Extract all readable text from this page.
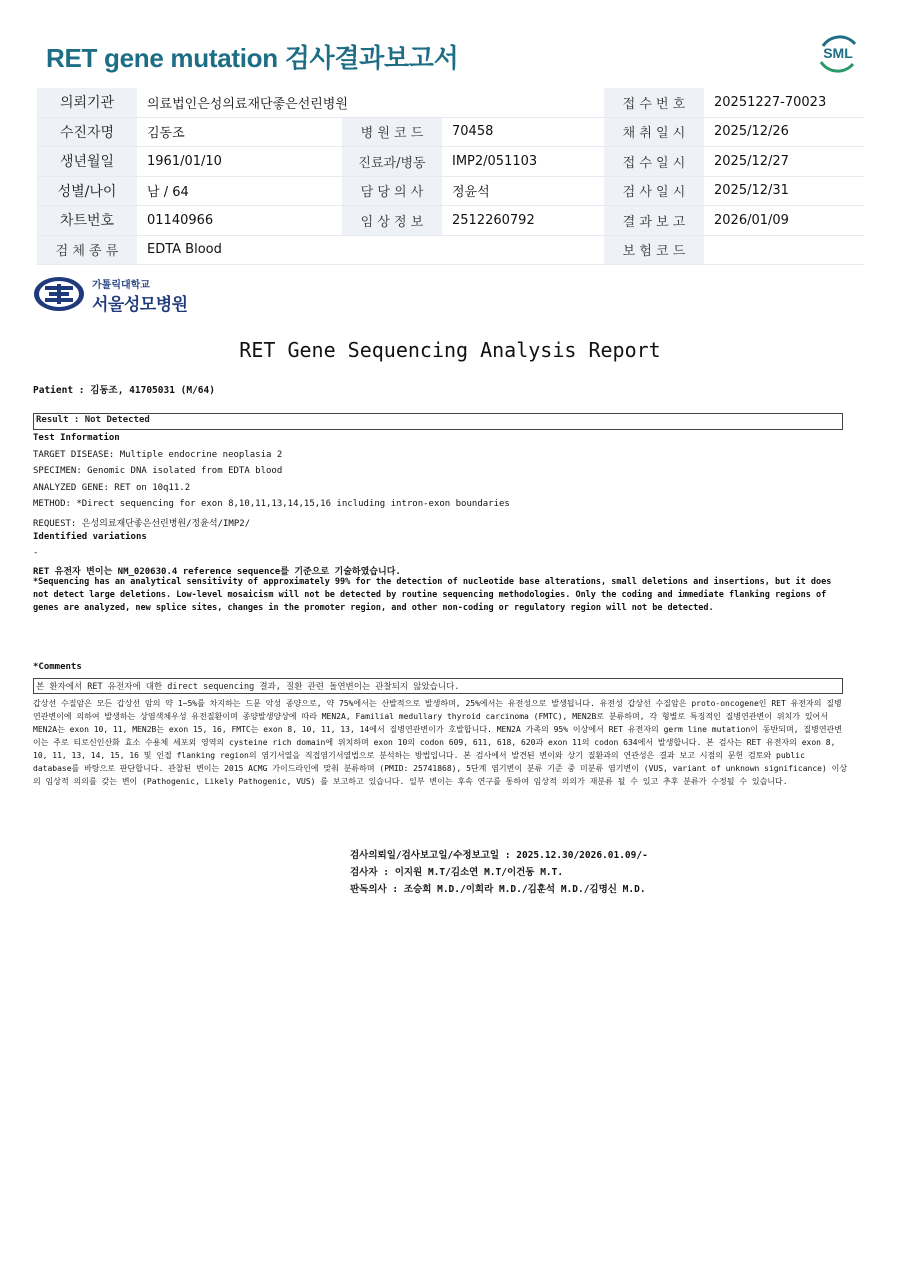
RET gene mutation 검사결과보고서	SML
의뢰기관	의료법인은성의료재단좋은선린병원			접 수 번 호	20251227-70023
수진자명	김동조	병 원 코 드	70458	채 취 일 시	2025/12/26
생년월일	1961/01/10	진료과/병동	IMP2/051103	접 수 일 시	2025/12/27
성별/나이	남 / 64	담 당 의 사	정윤석	검 사 일 시	2025/12/31
차트번호	01140966	임 상 정 보	2512260792	결 과 보 고	2026/01/09
검 체 종 류	EDTA Blood			보 험 코 드	
가톨릭대학교
서울성모병원
RET Gene Sequencing Analysis Report
Patient : 김동조, 41705031 (M/64)
Result : Not Detected
Test Information
TARGET DISEASE: Multiple endocrine neoplasia 2
SPECIMEN: Genomic DNA isolated from EDTA blood
ANALYZED GENE: RET on 10q11.2
METHOD: *Direct sequencing for exon 8,10,11,13,14,15,16 including intron-exon boundaries
REQUEST: 은성의료재단좋은선린병원/정윤석/IMP2/
Identified variations
-
RET 유전자 변이는 NM_020630.4 reference sequence를 기준으로 기술하였습니다.
*Sequencing has an analytical sensitivity of approximately 99% for the detection of nucleotide base alterations, small deletions and insertions, but it does not detect large deletions. Low-level mosaicism will not be detected by routine sequencing methodologies. Only the coding and immediate flanking regions of genes are analyzed, new splice sites, changes in the promoter region, and other non-coding or regulatory region will not be detected.
*Comments
본 환자에서 RET 유전자에 대한 direct sequencing 결과, 질환 관련 돌연변이는 관찰되지 않았습니다.
갑상선 수질암은 모든 갑상선 암의 약 1~5%를 차지하는 드문 악성 종양으로, 약 75%에서는 산발적으로 발생하며, 25%에서는 유전성으로 발생됩니다. 유전성 갑상선 수질암은 proto-oncogene인 RET 유전자의 질병연관변이에 의하여 발생하는 상염색체우성 유전질환이며 종양발생양상에 따라 MEN2A, Familial medullary thyroid carcinoma (FMTC), MEN2B로 분류하며, 각 형별로 특징적인 질병연관변이 위치가 있어서 MEN2A는 exon 10, 11, MEN2B는 exon 15, 16, FMTC는 exon 8, 10, 11, 13, 14에서 질병연관변이가 호발합니다. MEN2A 가족의 95% 이상에서 RET 유전자의 germ line mutation이 동반되며, 질병연관변이는 주로 티로신인산화 효소 수용체 세포외 영역의 cysteine rich domain에 위치하며 exon 10의 codon 609, 611, 618, 620과 exon 11의 codon 634에서 발생합니다. 본 검사는 RET 유전자의 exon 8, 10, 11, 13, 14, 15, 16 및 인접 flanking region의 염기서열을 직접염기서열법으로 분석하는 방법입니다. 본 검사에서 발견된 변이와 상기 질환과의 연관성은 결과 보고 시점의 문헌 검토와 public database를 바탕으로 판단합니다. 관찰된 변이는 2015 ACMG 가이드라인에 맞춰 분류하며 (PMID: 25741868), 5단계 염기변이 분류 기준 중 미분류 염기변이 (VUS, variant of unknown significance) 이상의 임상적 의의를 갖는 변이 (Pathogenic, Likely Pathogenic, VUS) 를 보고하고 있습니다. 일부 변이는 후속 연구를 통하여 임상적 의의가 재분류 될 수 있고 추후 분류가 수정될 수 있습니다.
검사의뢰일/검사보고일/수정보고일 : 2025.12.30/2026.01.09/-
검사자 : 이지원 M.T/김소연 M.T/이건동 M.T.
판독의사 : 조승희 M.D./이희라 M.D./김훈석 M.D./김명신 M.D.
